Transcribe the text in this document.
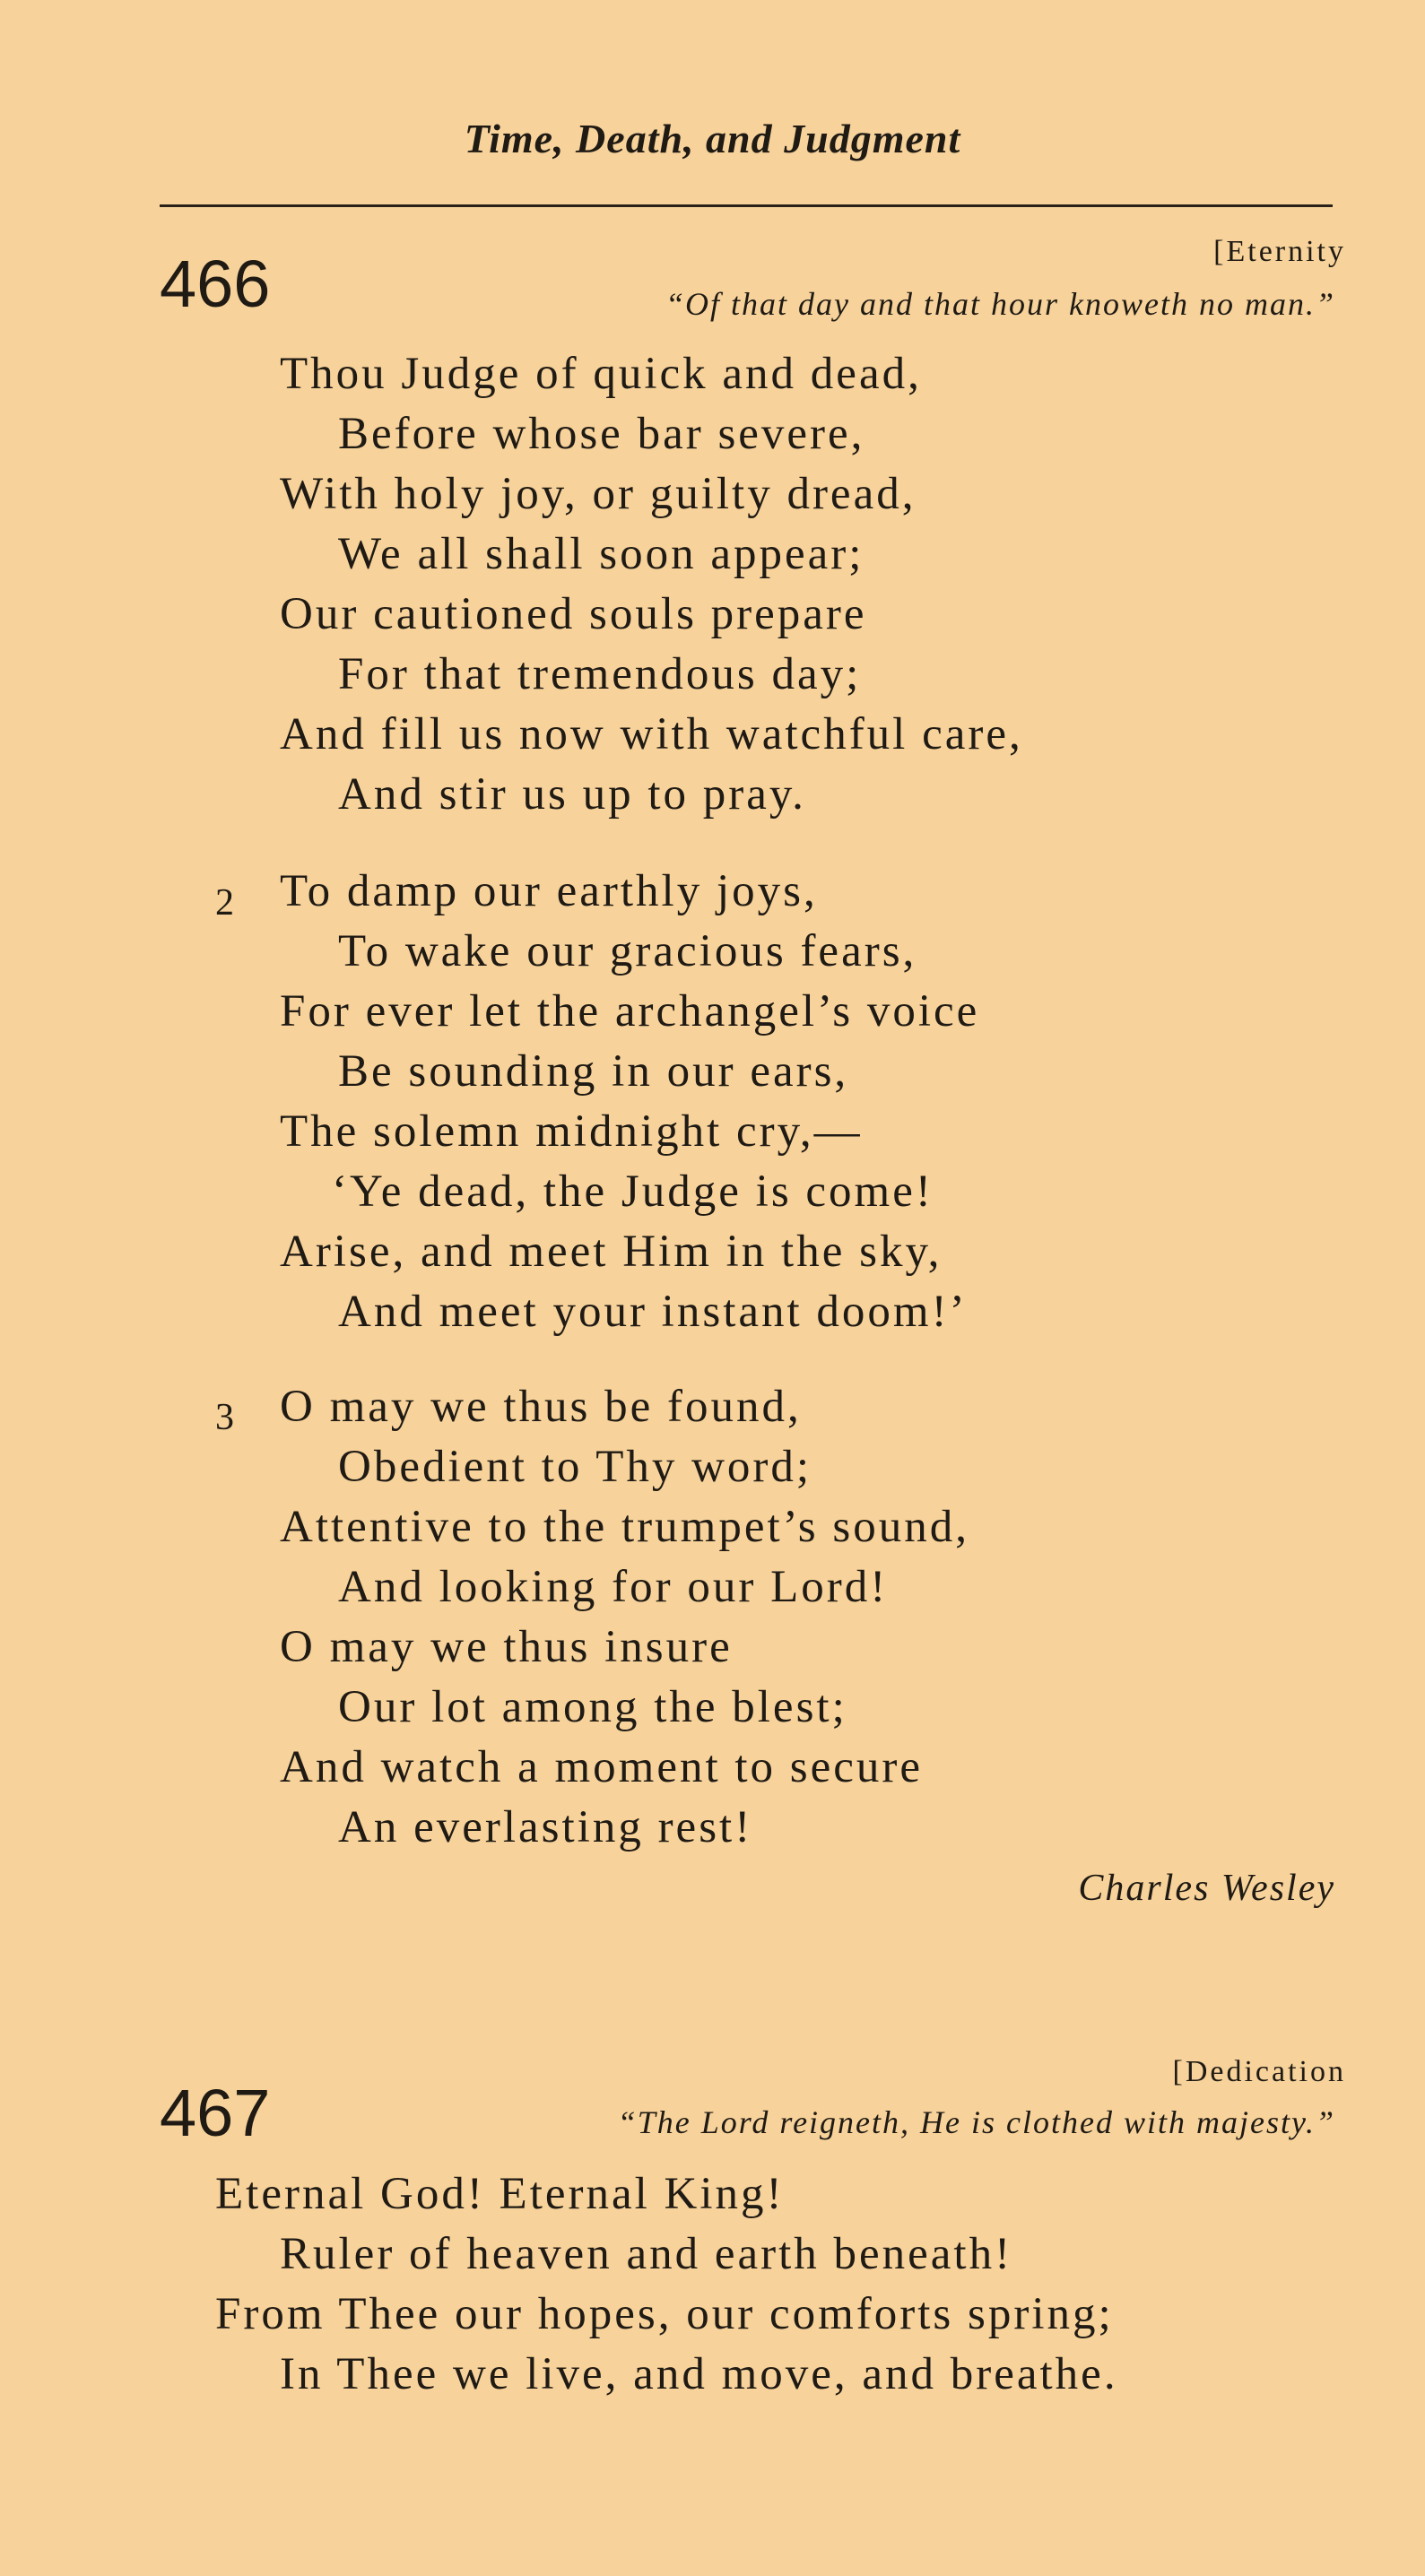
Time, Death, and Judgment
466	[Eternity
“Of that day and that hour knoweth no man.”
2
3
Thou Judge of quick and dead,
Before whose bar severe,
With holy joy, or guilty dread,
We all shall soon appear;
Our cautioned souls prepare
For that tremendous day;
And fill us now with watchful care,
And stir us up to pray.
To damp our earthly joys,
To wake our gracious fears,
For ever let the archangel’s voice
Be sounding in our ears,
The solemn midnight cry,—
‘Ye dead, the Judge is come!
Arise, and meet Him in the sky,
And meet your instant doom!’
O may we thus be found,
Obedient to Thy word;
Attentive to the trumpet’s sound,
And looking for our Lord!
O may we thus insure
Our lot among the blest;
And watch a moment to secure
An everlasting rest!
Charles Wesley
467
[Dedication
“The Lord reigneth, He is clothed with majesty.”
Eternal God! Eternal King!
Ruler of heaven and earth beneath!
From Thee our hopes, our comforts spring;
In Thee we live, and move, and breathe.
